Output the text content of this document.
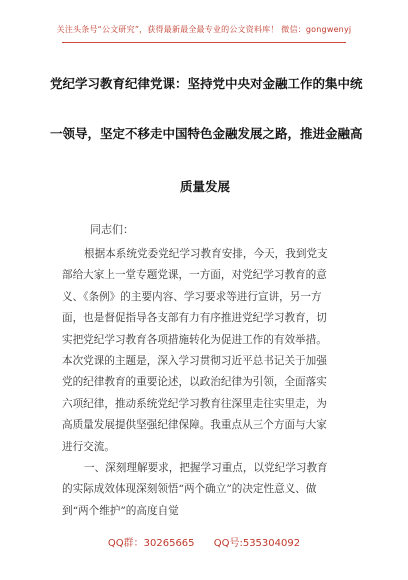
关注头条号“公文研究”，获得最新最全最专业的公文资料库！ 微信：gongwenyj
党纪学习教育纪律党课：坚持党中央对金融工作的集中统
一领导，坚定不移走中国特色金融发展之路，推进金融高
质量发展
同志们：
根据本系统党委党纪学习教育安排，今天，我到党支
部给大家上一堂专题党课，一方面，对党纪学习教育的意
义、《条例》的主要内容、学习要求等进行宣讲，另一方
面，也是督促指导各支部有力有序推进党纪学习教育，切
实把党纪学习教育各项措施转化为促进工作的有效举措。
本次党课的主题是，深入学习贯彻习近平总书记关于加强
党的纪律教育的重要论述，以政治纪律为引领，全面落实
六项纪律，推动系统党纪学习教育往深里走往实里走，为
高质量发展提供坚强纪律保障。我重点从三个方面与大家
进行交流。
一、深刻理解要求，把握学习重点，以党纪学习教育
的实际成效体现深刻领悟“两个确立”的决定性意义、做
到“两个维护”的高度自觉
QQ群：30265665 QQ号:535304092
